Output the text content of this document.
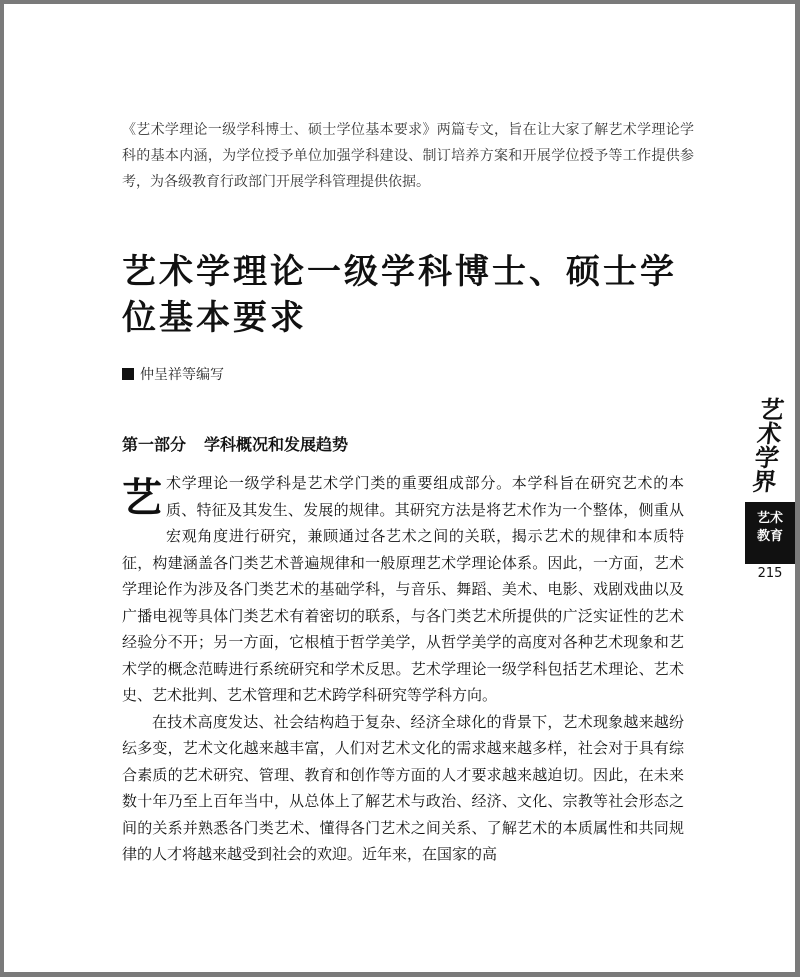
《艺术学理论一级学科博士、硕士学位基本要求》两篇专文，旨在让大家了解艺术学理论学科的基本内涵，为学位授予单位加强学科建设、制订培养方案和开展学位授予等工作提供参考，为各级教育行政部门开展学科管理提供依据。

艺术学理论一级学科博士、硕士学位基本要求
仲呈祥等编写
第一部分 学科概况和发展趋势

艺术学理论一级学科是艺术学门类的重要组成部分。本学科旨在研究艺术的本质、特征及其发生、发展的规律。其研究方法是将艺术作为一个整体，侧重从宏观角度进行研究，兼顾通过各艺术之间的关联，揭示艺术的规律和本质特征，构建涵盖各门类艺术普遍规律和一般原理艺术学理论体系。因此，一方面，艺术学理论作为涉及各门类艺术的基础学科，与音乐、舞蹈、美术、电影、戏剧戏曲以及广播电视等具体门类艺术有着密切的联系，与各门类艺术所提供的广泛实证性的艺术经验分不开；另一方面，它根植于哲学美学，从哲学美学的高度对各种艺术现象和艺术学的概念范畴进行系统研究和学术反思。艺术学理论一级学科包括艺术理论、艺术史、艺术批判、艺术管理和艺术跨学科研究等学科方向。

在技术高度发达、社会结构趋于复杂、经济全球化的背景下，艺术现象越来越纷纭多变，艺术文化越来越丰富，人们对艺术文化的需求越来越多样，社会对于具有综合素质的艺术研究、管理、教育和创作等方面的人才要求越来越迫切。因此，在未来数十年乃至上百年当中，从总体上了解艺术与政治、经济、文化、宗教等社会形态之间的关系并熟悉各门类艺术、懂得各门艺术之间关系、了解艺术的本质属性和共同规律的人才将越来越受到社会的欢迎。近年来，在国家的高

艺术学界
艺术教育
215
